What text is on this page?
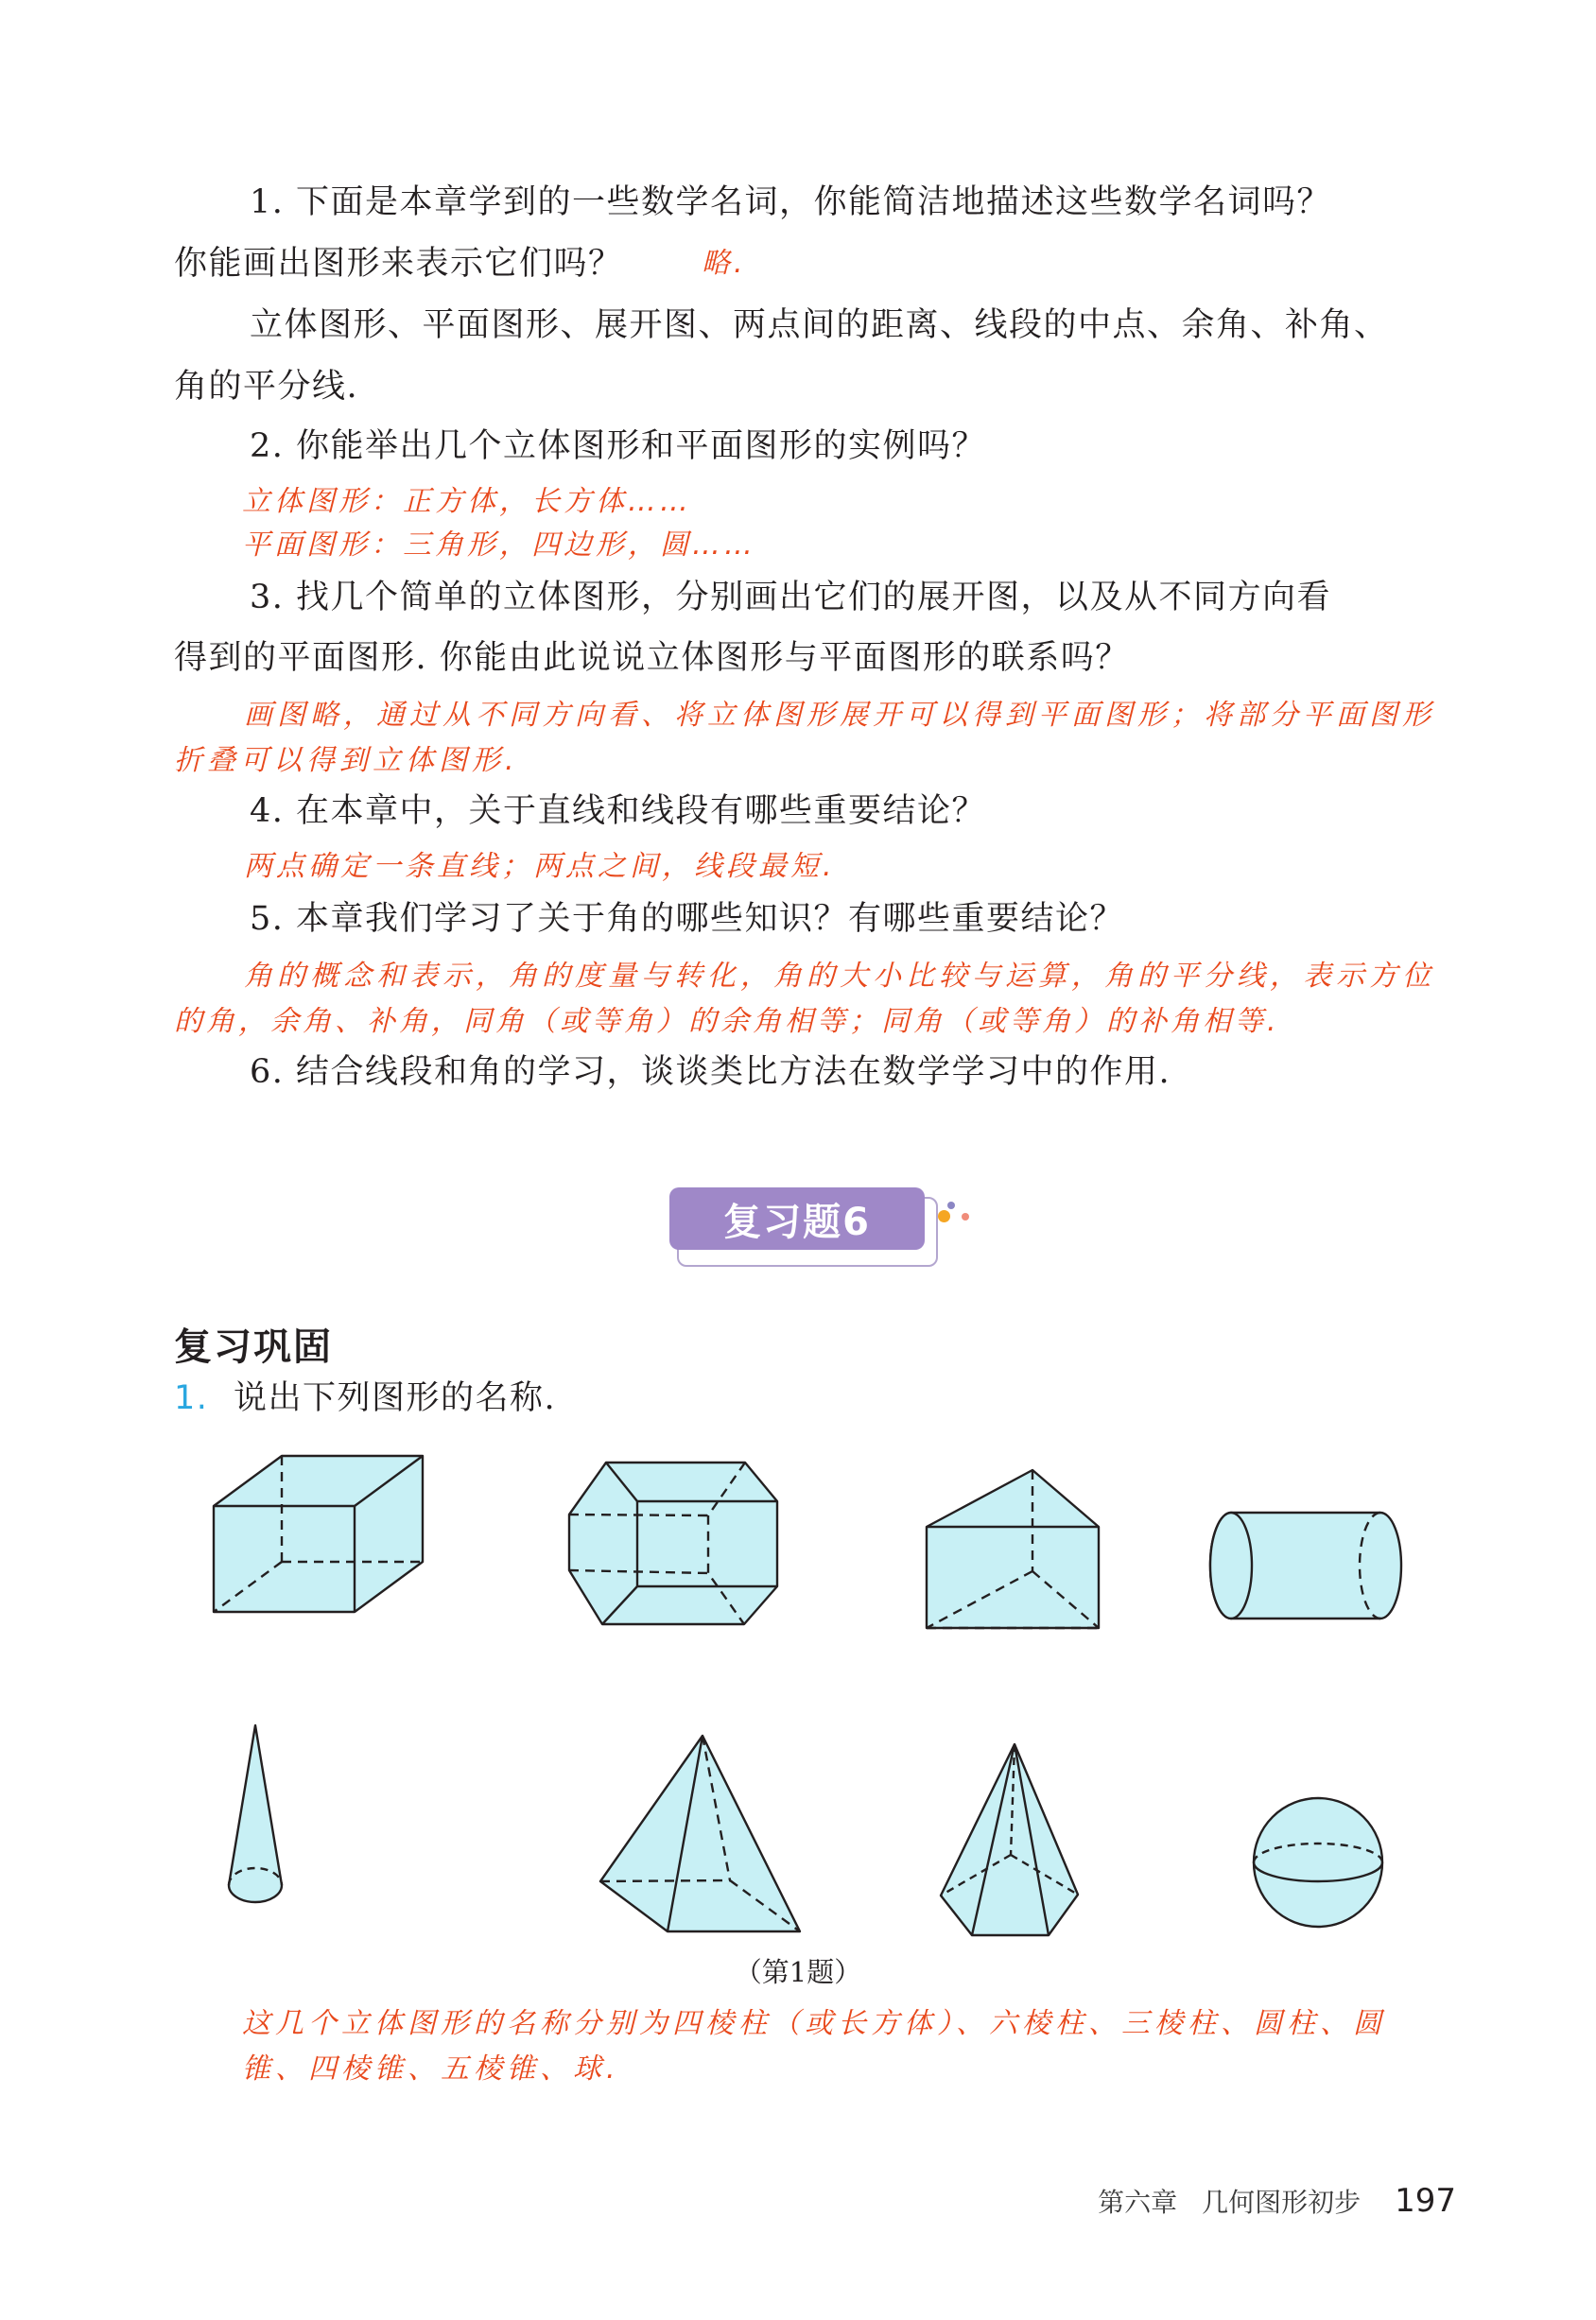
1. 下面是本章学到的一些数学名词，你能简洁地描述这些数学名词吗？
你能画出图形来表示它们吗？	略.
立体图形、平面图形、展开图、两点间的距离、线段的中点、余角、补角、
角的平分线.
2. 你能举出几个立体图形和平面图形的实例吗？
立体图形：正方体，长方体……
平面图形：三角形，四边形，圆……
3. 找几个简单的立体图形，分别画出它们的展开图，以及从不同方向看
得到的平面图形. 你能由此说说立体图形与平面图形的联系吗？
画图略，通过从不同方向看、将立体图形展开可以得到平面图形；将部分平面图形
折叠可以得到立体图形.
4. 在本章中，关于直线和线段有哪些重要结论？
两点确定一条直线；两点之间，线段最短.
5. 本章我们学习了关于角的哪些知识？有哪些重要结论？
角的概念和表示，角的度量与转化，角的大小比较与运算，角的平分线，表示方位
的角，余角、补角，同角（或等角）的余角相等；同角（或等角）的补角相等.
6. 结合线段和角的学习，谈谈类比方法在数学学习中的作用.
复习题6
复习巩固
1. 说出下列图形的名称.
（第1题）
这几个立体图形的名称分别为四棱柱（或长方体）、六棱柱、三棱柱、圆柱、圆
锥、四棱锥、五棱锥、球.
第六章 几何图形初步 197
